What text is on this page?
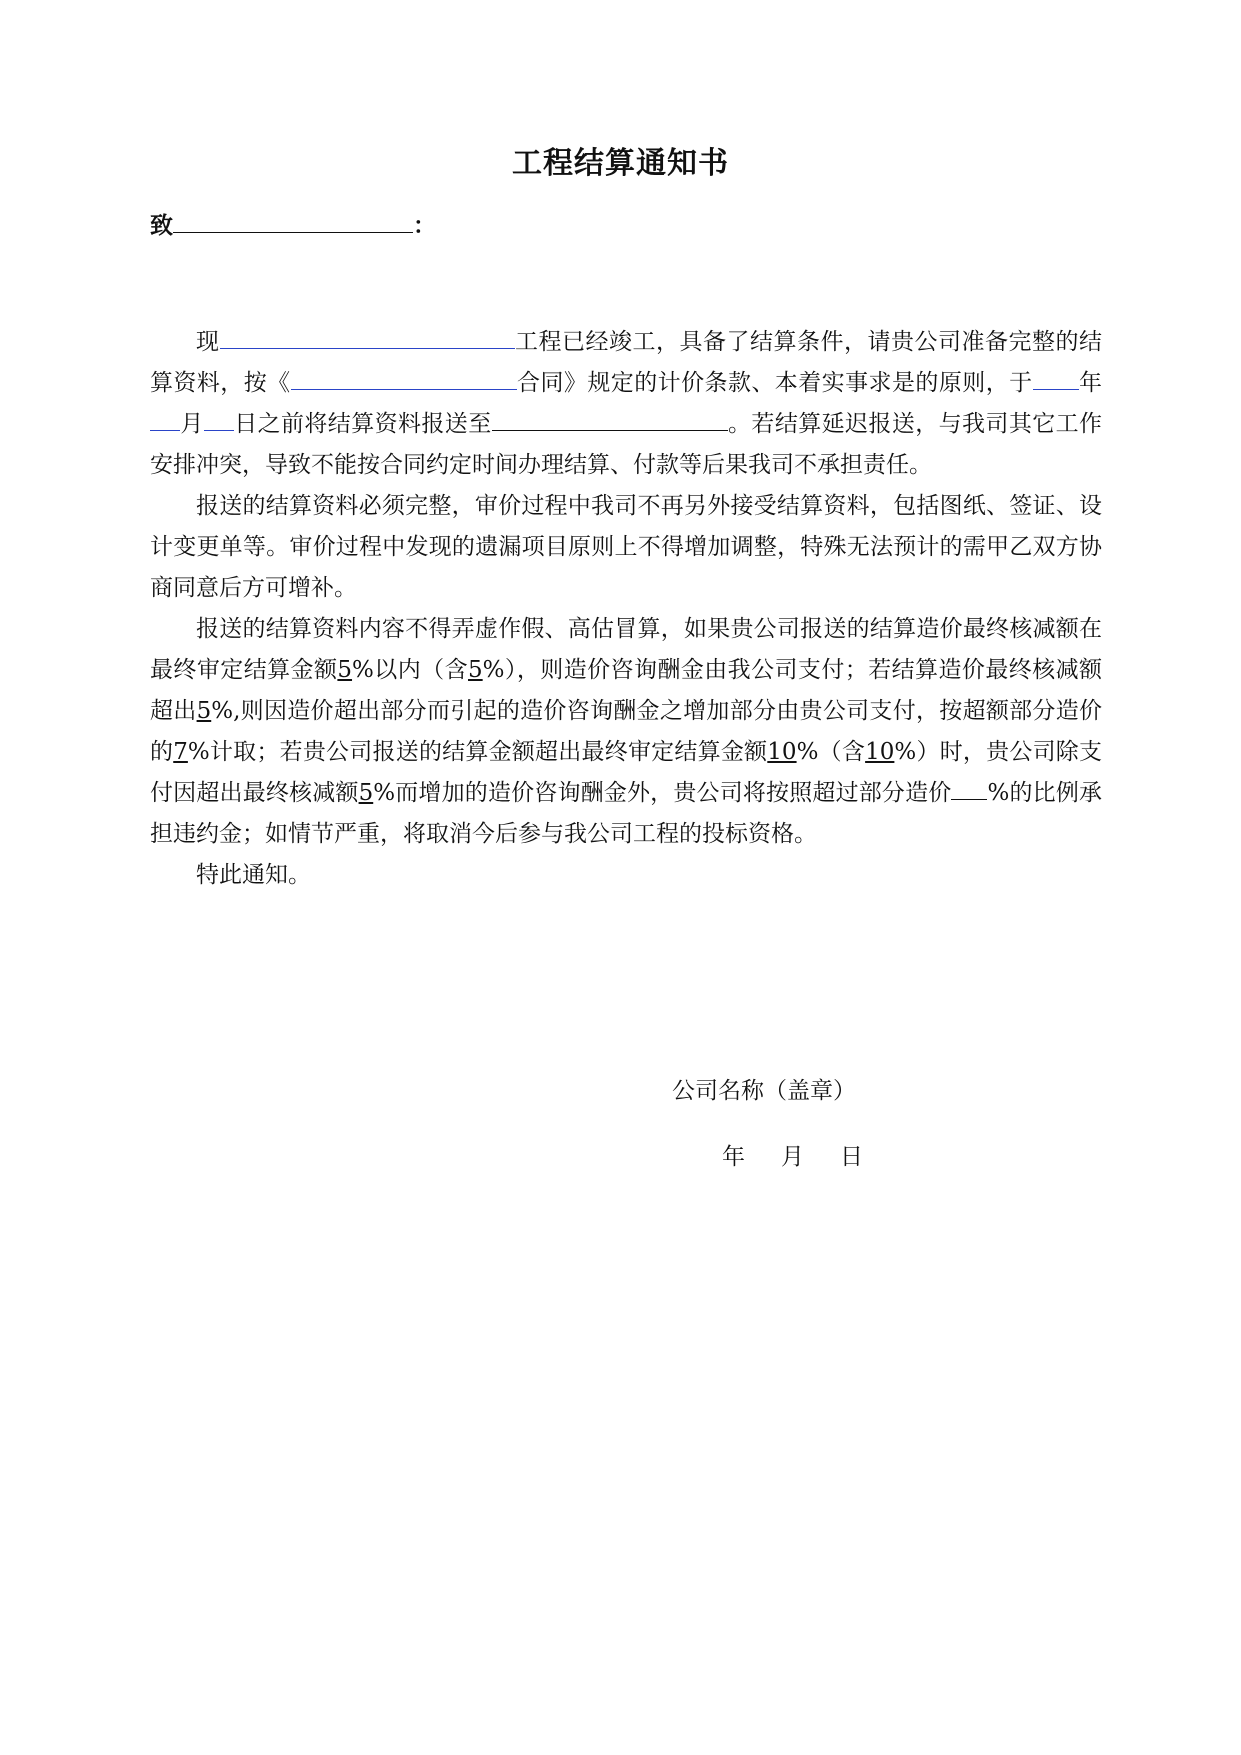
工程结算通知书
致	：

现	工程已经竣工，具备了结算条件，请贵公司准备完整的结算资料，按《	合同》规定的计价条款、本着实事求是的原则，于 年月 日之前将结算资料报送至	。若结算延迟报送，与我司其它工作安排冲突，导致不能按合同约定时间办理结算、付款等后果我司不承担责任。

报送的结算资料必须完整，审价过程中我司不再另外接受结算资料，包括图纸、签证、设计变更单等。审价过程中发现的遗漏项目原则上不得增加调整，特殊无法预计的需甲乙双方协商同意后方可增补。

报送的结算资料内容不得弄虚作假、高估冒算，如果贵公司报送的结算造价最终核减额在最终审定结算金额5%以内（含5%），则造价咨询酬金由我公司支付；若结算造价最终核减额超出5%,则因造价超出部分而引起的造价咨询酬金之增加部分由贵公司支付，按超额部分造价的7%计取；若贵公司报送的结算金额超出最终审定结算金额10%（含10%）时，贵公司除支付因超出最终核减额5%而增加的造价咨询酬金外，贵公司将按照超过部分造价 %的比例承担违约金；如情节严重，将取消今后参与我公司工程的投标资格。

特此通知。

公司名称（盖章）
年 月 日
